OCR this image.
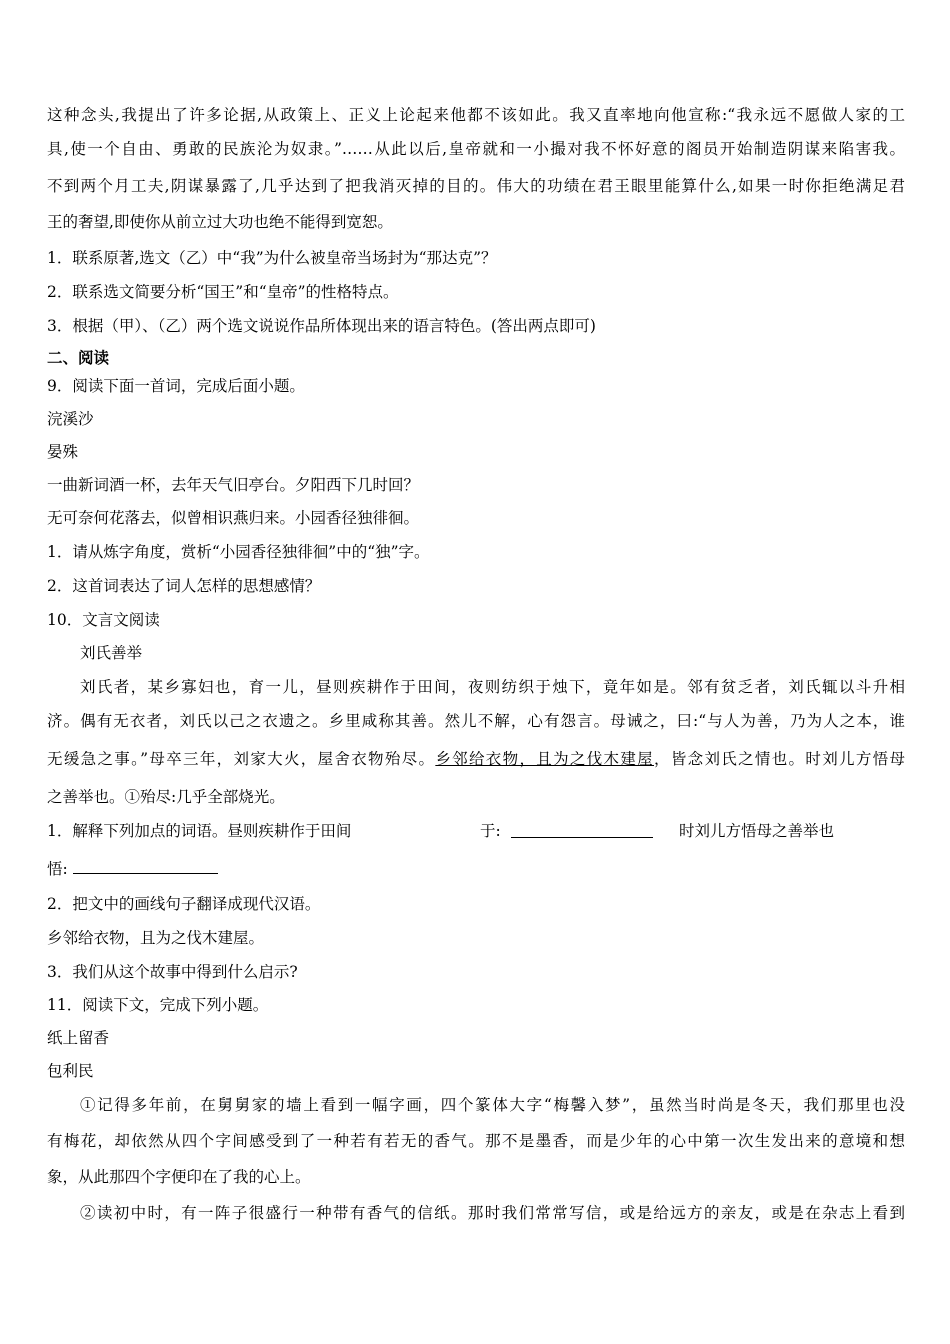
这种念头,我提出了许多论据,从政策上、正义上论起来他都不该如此。我又直率地向他宣称:“我永远不愿做人家的工
具,使一个自由、勇敢的民族沦为奴隶。”……从此以后,皇帝就和一小撮对我不怀好意的阁员开始制造阴谋来陷害我。
不到两个月工夫,阴谋暴露了,几乎达到了把我消灭掉的目的。伟大的功绩在君王眼里能算什么,如果一时你拒绝满足君
王的奢望,即使你从前立过大功也绝不能得到宽恕。
1．联系原著,选文（乙）中“我”为什么被皇帝当场封为“那达克”？
2．联系选文简要分析“国王”和“皇帝”的性格特点。
3．根据（甲）、（乙）两个选文说说作品所体现出来的语言特色。(答出两点即可)
二、阅读
9．阅读下面一首词，完成后面小题。
浣溪沙
晏殊
一曲新词酒一杯，去年天气旧亭台。夕阳西下几时回？
无可奈何花落去，似曾相识燕归来。小园香径独徘徊。
1．请从炼字角度，赏析“小园香径独徘徊”中的“独”字。
2．这首词表达了词人怎样的思想感情？
10．文言文阅读
刘氏善举
刘氏者，某乡寡妇也，育一儿，昼则疾耕作于田间，夜则纺织于烛下，竟年如是。邻有贫乏者，刘氏辄以斗升相
济。偶有无衣者，刘氏以己之衣遗之。乡里咸称其善。然儿不解，心有怨言。母诫之，曰:“与人为善，乃为人之本，谁
无缓急之事。”母卒三年，刘家大火，屋舍衣物殆尽。乡邻给衣物，且为之伐木建屋，皆念刘氏之情也。时刘儿方悟母
之善举也。①殆尽:几乎全部烧光。
1．解释下列加点的词语。昼则疾耕作于田间	于:	时刘儿方悟母之善举也
悟:
2．把文中的画线句子翻译成现代汉语。
乡邻给衣物，且为之伐木建屋。
3．我们从这个故事中得到什么启示?
11．阅读下文，完成下列小题。
纸上留香
包利民
①记得多年前，在舅舅家的墙上看到一幅字画，四个篆体大字“梅馨入梦”，虽然当时尚是冬天，我们那里也没
有梅花，却依然从四个字间感受到了一种若有若无的香气。那不是墨香，而是少年的心中第一次生发出来的意境和想
象，从此那四个字便印在了我的心上。
②读初中时，有一阵子很盛行一种带有香气的信纸。那时我们常常写信，或是给远方的亲友，或是在杂志上看到
